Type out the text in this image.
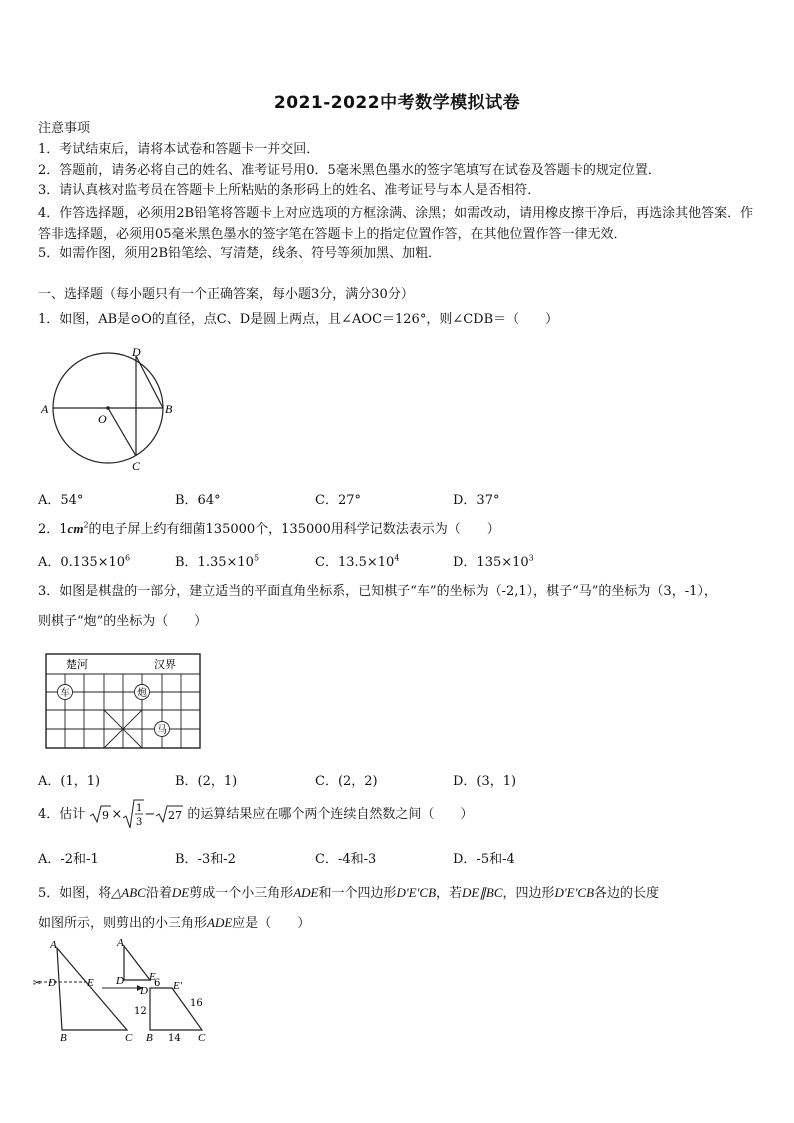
2021-2022中考数学模拟试卷
注意事项
1．考试结束后，请将本试卷和答题卡一并交回．
2．答题前，请务必将自己的姓名、准考证号用0．5毫米黑色墨水的签字笔填写在试卷及答题卡的规定位置．
3．请认真核对监考员在答题卡上所粘贴的条形码上的姓名、准考证号与本人是否相符．
4．作答选择题，必须用2B铅笔将答题卡上对应选项的方框涂满、涂黑；如需改动，请用橡皮擦干净后，再选涂其他答案．作答非选择题，必须用05毫米黑色墨水的签字笔在答题卡上的指定位置作答，在其他位置作答一律无效．
5．如需作图，须用2B铅笔绘、写清楚，线条、符号等须加黑、加粗．
一、选择题（每小题只有一个正确答案，每小题3分，满分30分）
1．如图，AB是⊙O的直径，点C、D是圆上两点，且∠AOC＝126°，则∠CDB＝（　　）
A	B
C
D
O
A．54°	B．64°	C．27°	D．37°
2．$1cm^2$的电子屏上约有细菌135000个，135000用科学记数法表示为（　　）
A．$0.135\times 10^6$	B．$1.35\times 10^5$	C．$13.5\times 10^4$	D．$135\times 10^3$
3．如图是棋盘的一部分，建立适当的平面直角坐标系，已知棋子“车”的坐标为（-2,1），棋子“马”的坐标为（3，-1），
则棋子“炮”的坐标为（　　）
楚河	汉界
车	炮
马
A．(1，1)	B．(2，1)	C．(2，2)	D．(3，1)
4．估计 9 × 1
3
− 27 的运算结果应在哪个两个连续自然数之间（　　）
A．-2和-1	B．-3和-2	C．-4和-3	D．-5和-4
5．如图，将△ABC沿着DE剪成一个小三角形ADE和一个四边形D'E'CB，若DE∥BC，四边形D'E'CB各边的长度
如图所示，则剪出的小三角形ADE应是（　　）
✂
A
D	E
B	C
A
D E
D E'
B	C
6
12
14
16
